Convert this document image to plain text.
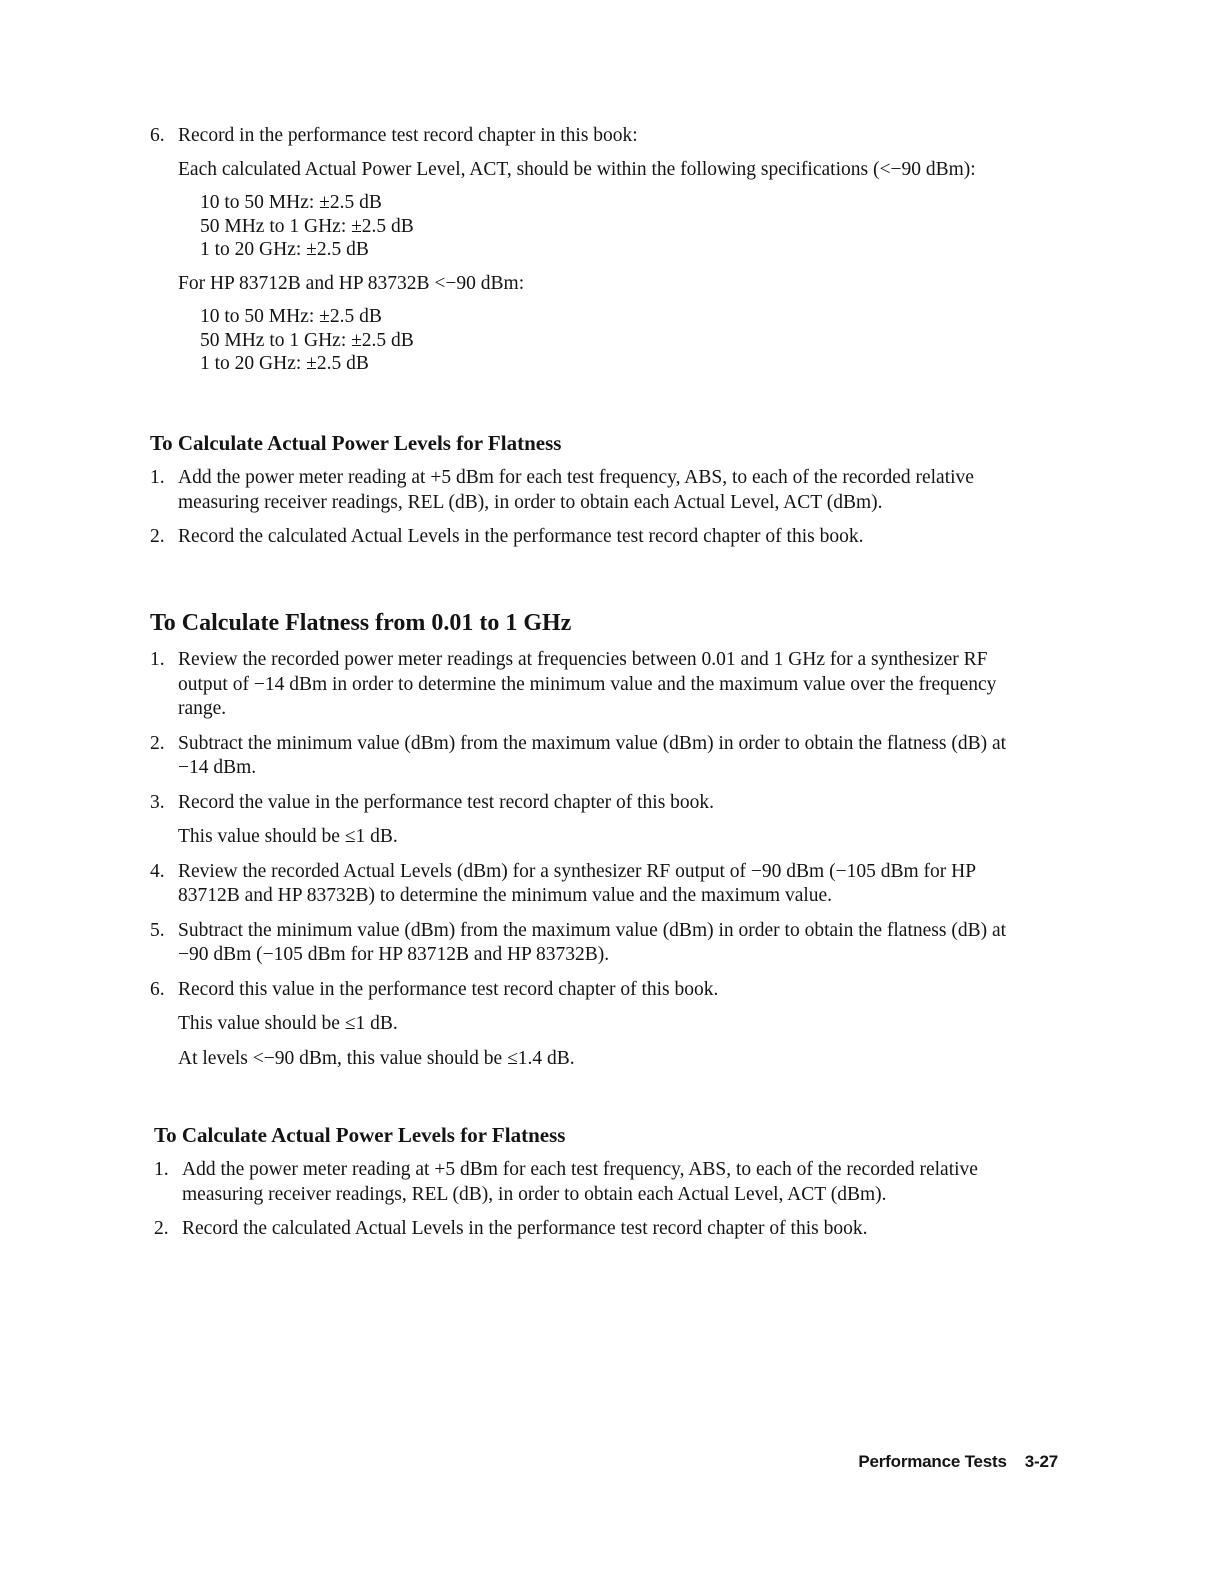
6. Record in the performance test record chapter in this book:

Each calculated Actual Power Level, ACT, should be within the following specifications (<−90 dBm):

10 to 50 MHz: ±2.5 dB

50 MHz to 1 GHz: ±2.5 dB

1 to 20 GHz: ±2.5 dB

For HP 83712B and HP 83732B <−90 dBm:

10 to 50 MHz: ±2.5 dB

50 MHz to 1 GHz: ±2.5 dB

1 to 20 GHz: ±2.5 dB

To Calculate Actual Power Levels for Flatness
1. Add the power meter reading at +5 dBm for each test frequency, ABS, to each of the recorded relative measuring receiver readings, REL (dB), in order to obtain each Actual Level, ACT (dBm).
2. Record the calculated Actual Levels in the performance test record chapter of this book.
To Calculate Flatness from 0.01 to 1 GHz
1. Review the recorded power meter readings at frequencies between 0.01 and 1 GHz for a synthesizer RF output of −14 dBm in order to determine the minimum value and the maximum value over the frequency range.
2. Subtract the minimum value (dBm) from the maximum value (dBm) in order to obtain the flatness (dB) at −14 dBm.
3. Record the value in the performance test record chapter of this book.

This value should be ≤1 dB.

4. Review the recorded Actual Levels (dBm) for a synthesizer RF output of −90 dBm (−105 dBm for HP 83712B and HP 83732B) to determine the minimum value and the maximum value.
5. Subtract the minimum value (dBm) from the maximum value (dBm) in order to obtain the flatness (dB) at −90 dBm (−105 dBm for HP 83712B and HP 83732B).
6. Record this value in the performance test record chapter of this book.

This value should be ≤1 dB.

At levels <−90 dBm, this value should be ≤1.4 dB.

To Calculate Actual Power Levels for Flatness
1. Add the power meter reading at +5 dBm for each test frequency, ABS, to each of the recorded relative measuring receiver readings, REL (dB), in order to obtain each Actual Level, ACT (dBm).
2. Record the calculated Actual Levels in the performance test record chapter of this book.
Performance Tests 3-27
